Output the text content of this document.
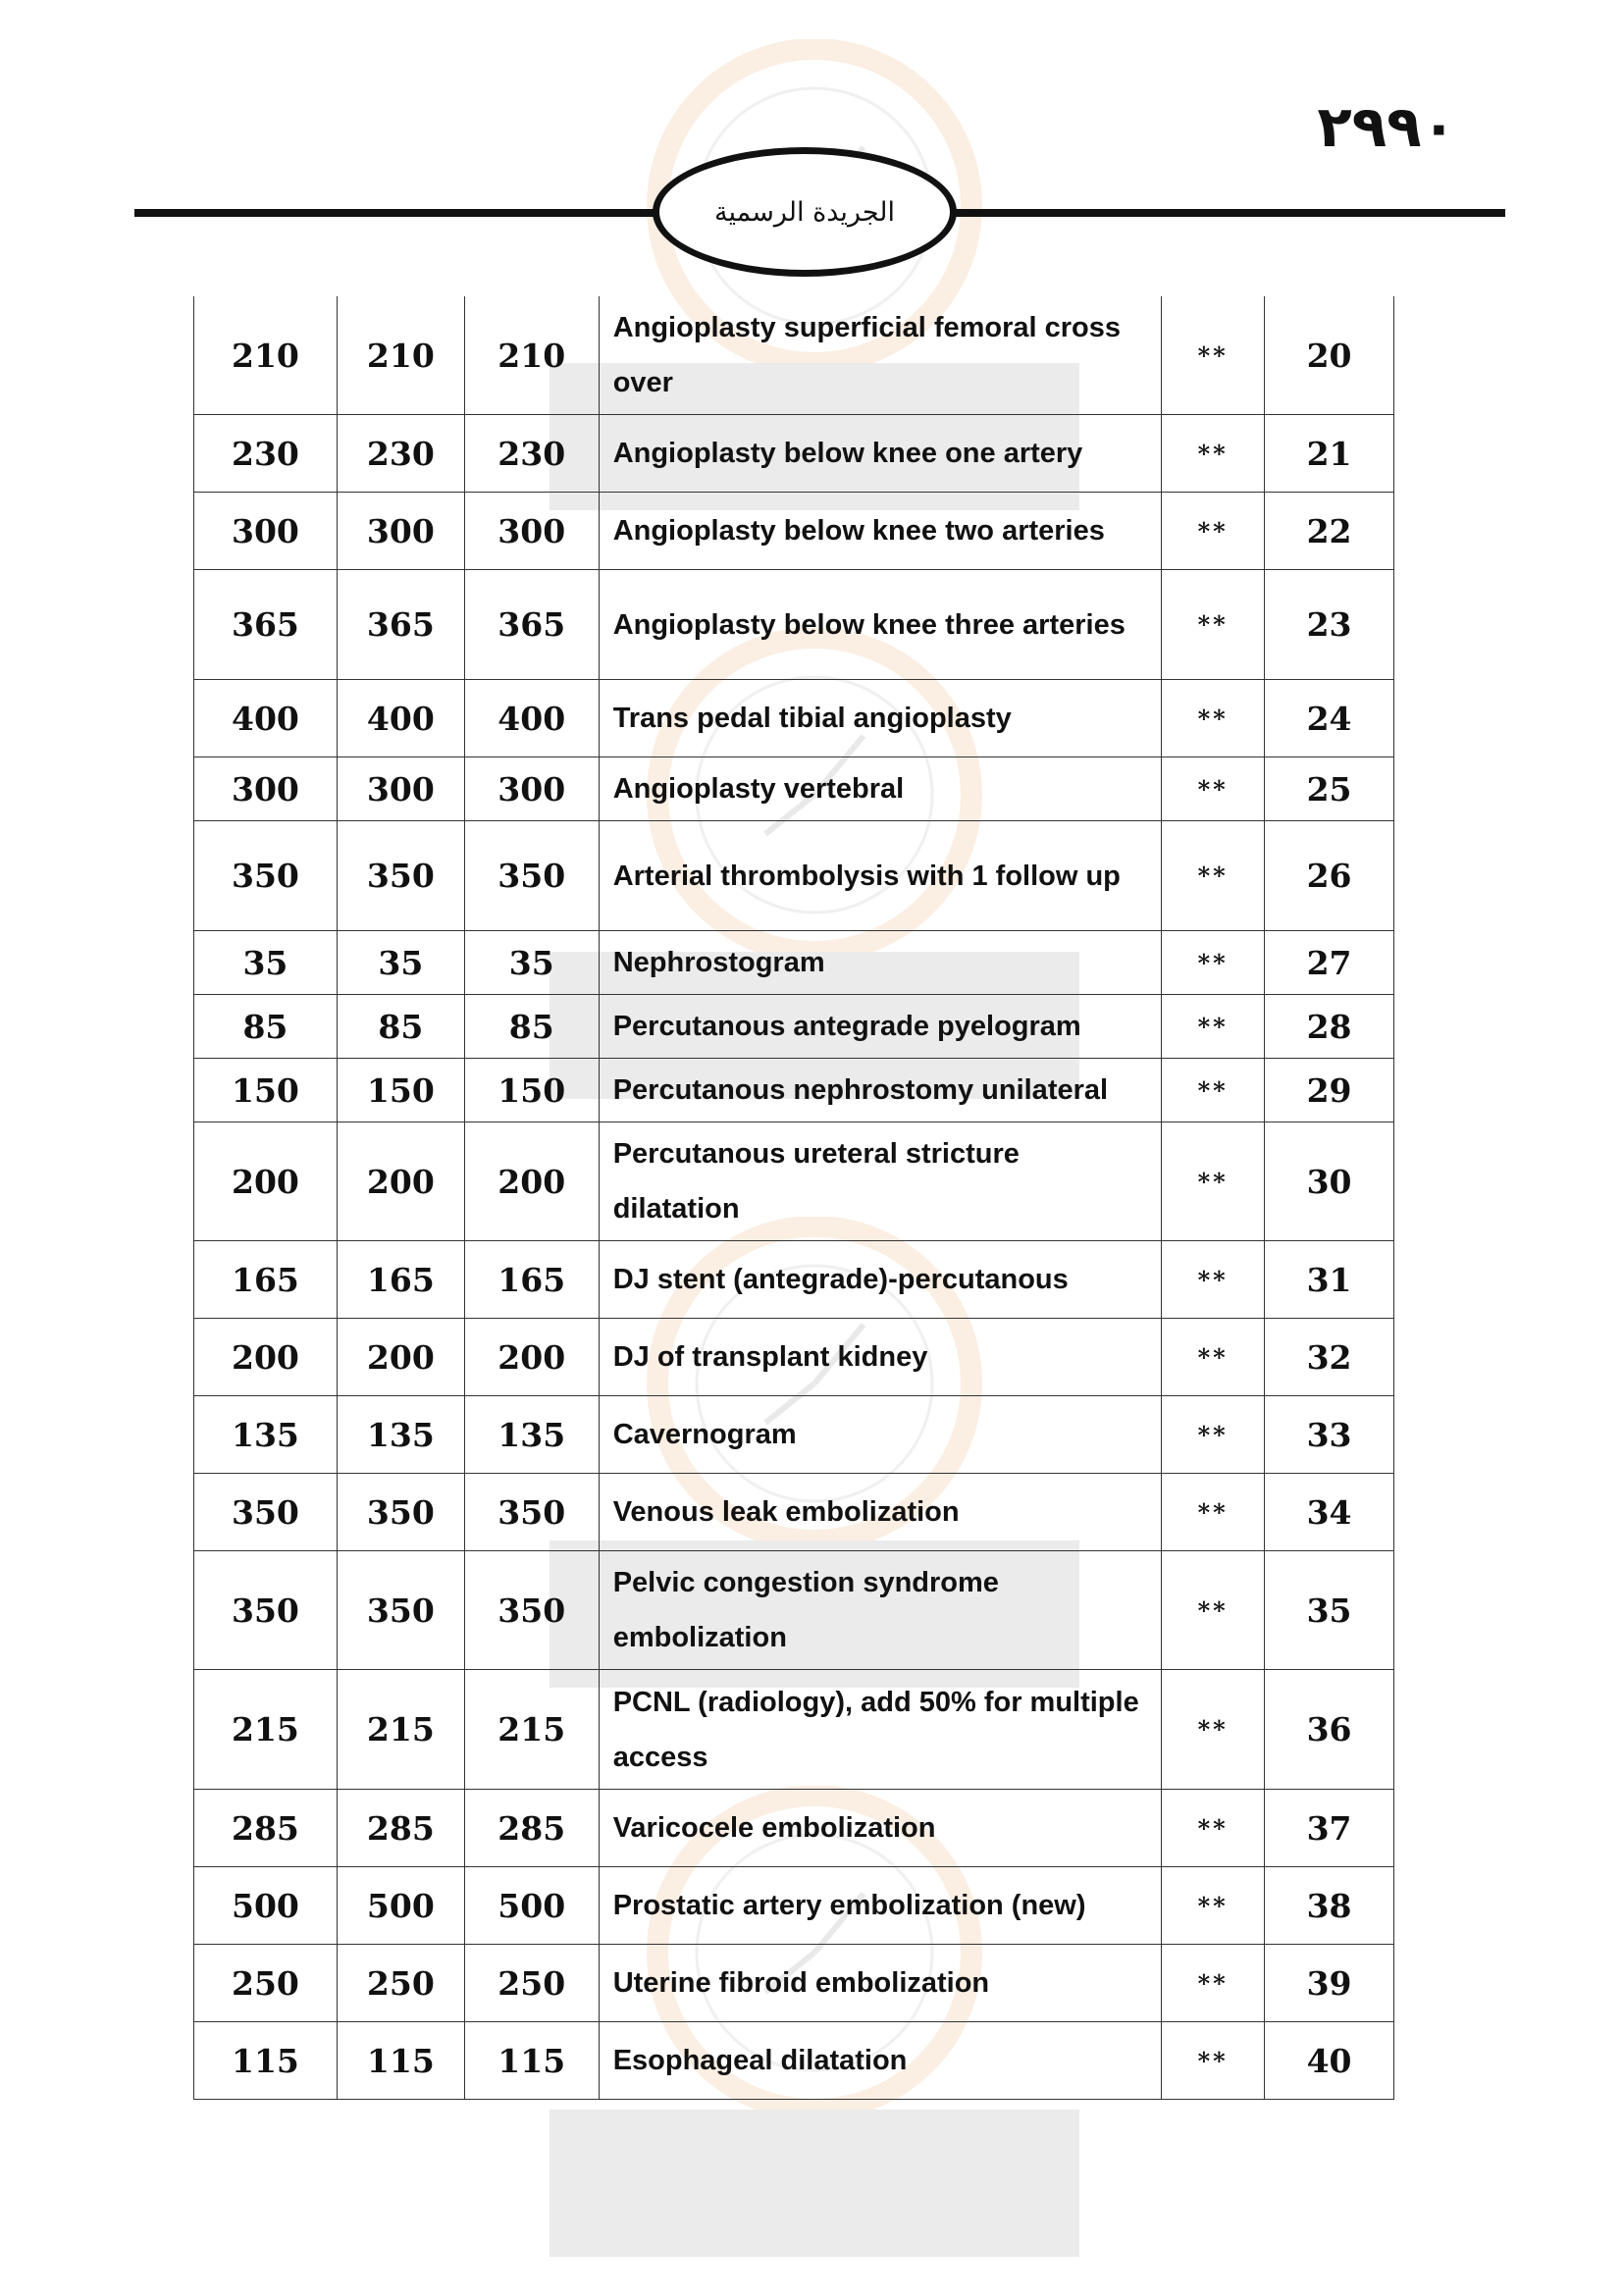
٢٩٩٠
الجريدة الرسمية
210	210	210	Angioplasty superficial femoral cross over	**	20
230	230	230	Angioplasty below knee one artery	**	21
300	300	300	Angioplasty below knee two arteries	**	22
365	365	365	Angioplasty below knee three arteries	**	23
400	400	400	Trans pedal tibial angioplasty	**	24
300	300	300	Angioplasty vertebral	**	25
350	350	350	Arterial thrombolysis with 1 follow up	**	26
35	35	35	Nephrostogram	**	27
85	85	85	Percutanous antegrade pyelogram	**	28
150	150	150	Percutanous nephrostomy unilateral	**	29
200	200	200	Percutanous ureteral stricture dilatation	**	30
165	165	165	DJ stent (antegrade)-percutanous	**	31
200	200	200	DJ of transplant kidney	**	32
135	135	135	Cavernogram	**	33
350	350	350	Venous leak embolization	**	34
350	350	350	Pelvic congestion syndrome embolization	**	35
215	215	215	PCNL (radiology), add 50% for multiple access	**	36
285	285	285	Varicocele embolization	**	37
500	500	500	Prostatic artery embolization (new)	**	38
250	250	250	Uterine fibroid embolization	**	39
115	115	115	Esophageal dilatation	**	40
